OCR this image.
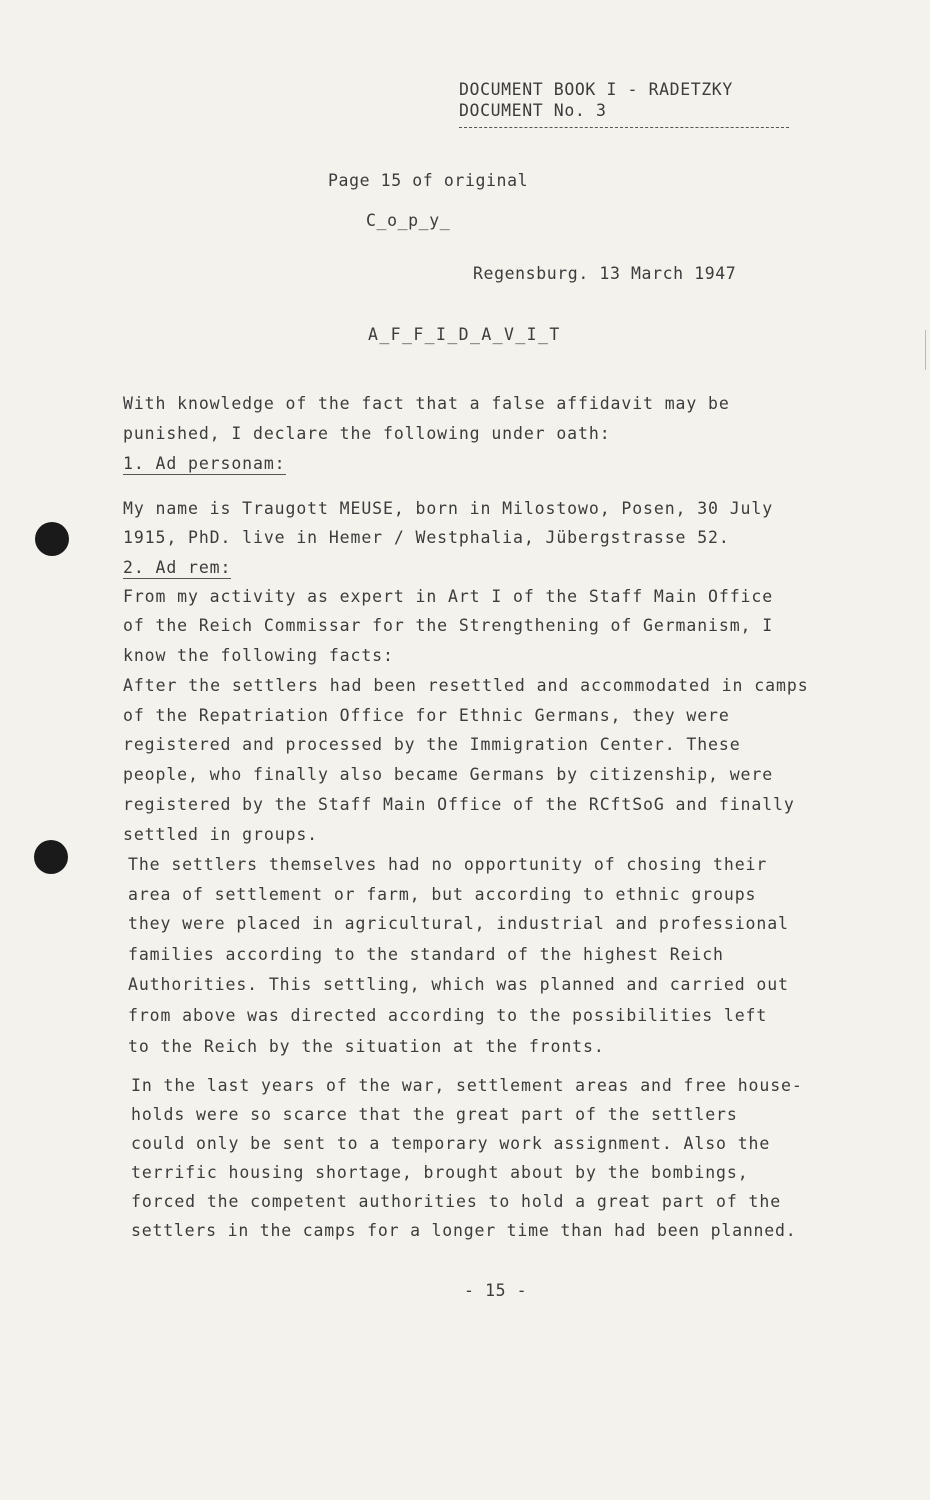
DOCUMENT BOOK I - RADETZKY
DOCUMENT No. 3
Page 15 of original
C_o_p_y_
Regensburg. 13 March 1947
A_F_F_I_D_A_V_I_T
With knowledge of the fact that a false affidavit may be
punished, I declare the following under oath:
1. Ad personam:
My name is Traugott MEUSE, born in Milostowo, Posen, 30 July
1915, PhD. live in Hemer / Westphalia, Jübergstrasse 52.
2. Ad rem:
From my activity as expert in Art I of the Staff Main Office
of the Reich Commissar for the Strengthening of Germanism, I
know the following facts:
After the settlers had been resettled and accommodated in camps
of the Repatriation Office for Ethnic Germans, they were
registered and processed by the Immigration Center. These
people, who finally also became Germans by citizenship, were
registered by the Staff Main Office of the RCftSoG and finally
settled in groups.
The settlers themselves had no opportunity of chosing their
area of settlement or farm, but according to ethnic groups
they were placed in agricultural, industrial and professional
families according to the standard of the highest Reich
Authorities. This settling, which was planned and carried out
from above was directed according to the possibilities left
to the Reich by the situation at the fronts.
In the last years of the war, settlement areas and free house-
holds were so scarce that the great part of the settlers
could only be sent to a temporary work assignment. Also the
terrific housing shortage, brought about by the bombings,
forced the competent authorities to hold a great part of the
settlers in the camps for a longer time than had been planned.
- 15 -
